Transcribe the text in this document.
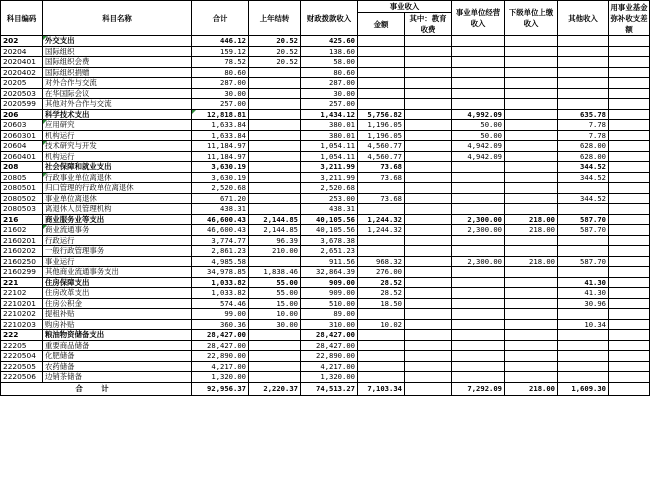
科目编码	科目名称	合计	上年结转	财政拨款收入	事业收入		事业单位经营收入	下级单位上缴收入	其他收入	用事业基金弥补收支差额
					金额	其中：教育收费				
202	外交支出	446.12	20.52	425.60						
20204	国际组织	159.12	20.52	138.60						
2020401	国际组织会费	78.52	20.52	58.00						
2020402	国际组织捐赠	80.60		80.60						
20205	对外合作与交流	287.00		287.00						
2020503	在华国际会议	30.00		30.00						
2020599	其他对外合作与交流	257.00		257.00						
206	科学技术支出	12,818.81		1,434.12	5,756.82		4,992.09		635.78	
20603	应用研究	1,633.84		380.01	1,196.05		50.00		7.78	
2060301	机构运行	1,633.84		380.01	1,196.05		50.00		7.78	
20604	技术研究与开发	11,184.97		1,054.11	4,560.77		4,942.09		628.00	
2060401	机构运行	11,184.97		1,054.11	4,560.77		4,942.09		628.00	
208	社会保障和就业支出	3,630.19		3,211.99	73.68				344.52	
20805	行政事业单位离退休	3,630.19		3,211.99	73.68				344.52	
2080501	归口管理的行政单位离退休	2,520.68		2,520.68						
2080502	事业单位离退休	671.20		253.00	73.68				344.52	
2080503	离退休人员管理机构	438.31		438.31						
216	商业服务业等支出	46,600.43	2,144.85	40,105.56	1,244.32		2,300.00	218.00	587.70	
21602	商业流通事务	46,600.43	2,144.85	40,105.56	1,244.32		2,300.00	218.00	587.70	
2160201	行政运行	3,774.77	96.39	3,678.38						
2160202	一般行政管理事务	2,861.23	210.00	2,651.23						
2160250	事业运行	4,985.58		911.56	968.32		2,300.00	218.00	587.70	
2160299	其他商业流通事务支出	34,978.85	1,838.46	32,864.39	276.00					
221	住房保障支出	1,033.82	55.00	909.00	28.52				41.30	
22102	住房改革支出	1,033.82	55.00	909.00	28.52				41.30	
2210201	住房公积金	574.46	15.00	510.00	18.50				30.96	
2210202	提租补贴	99.00	10.00	89.00						
2210203	购房补贴	360.36	30.00	310.00	10.02				10.34	
222	粮油物资储备支出	28,427.00		28,427.00						
22205	重要商品储备	28,427.00		28,427.00						
2220504	化肥储备	22,890.00		22,890.00						
2220505	农药储备	4,217.00		4,217.00						
2220506	边销茶储备	1,320.00		1,320.00						
合 计		92,956.37	2,220.37	74,513.27	7,103.34		7,292.09	218.00	1,609.30	
